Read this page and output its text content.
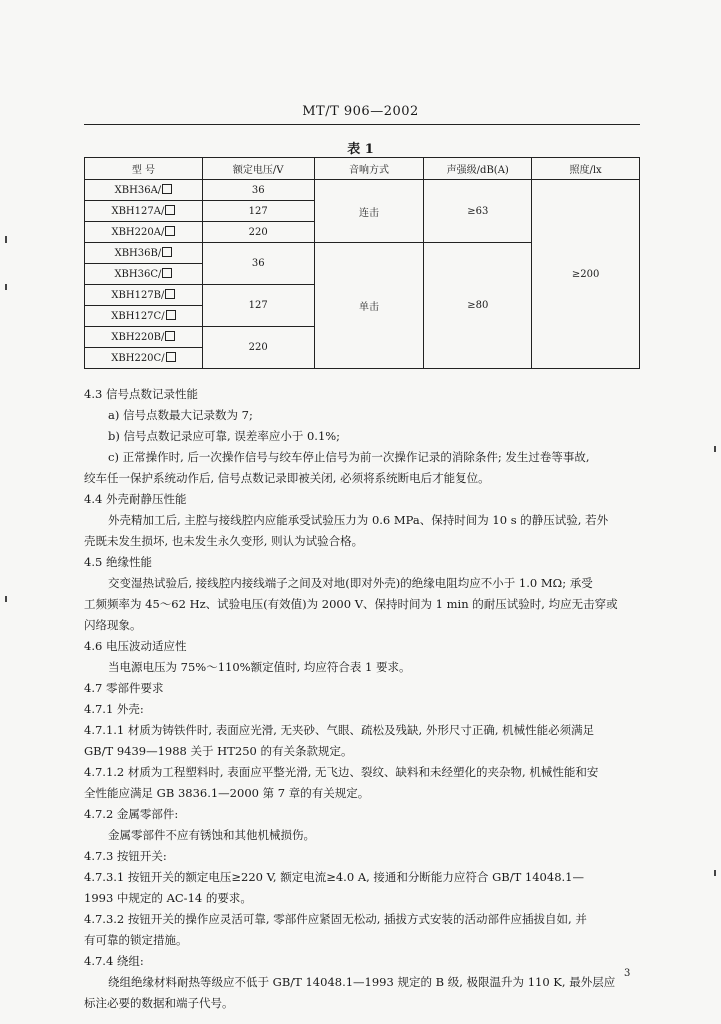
MT/T 906—2002
表 1
型 号	额定电压/V	音响方式	声强级/dB(A)	照度/lx
XBH36A/	36	连击	≥63	≥200
XBH127A/	127			
XBH220A/	220			
XBH36B/	36	单击	≥80	
XBH36C/				
XBH127B/	127			
XBH127C/				
XBH220B/	220			
XBH220C/				
4.3 信号点数记录性能
a) 信号点数最大记录数为 7;
b) 信号点数记录应可靠, 误差率应小于 0.1%;
c) 正常操作时, 后一次操作信号与绞车停止信号为前一次操作记录的消除条件; 发生过卷等事故,
绞车任一保护系统动作后, 信号点数记录即被关闭, 必须将系统断电后才能复位。
4.4 外壳耐静压性能
外壳精加工后, 主腔与接线腔内应能承受试验压力为 0.6 MPa、保持时间为 10 s 的静压试验, 若外
壳既未发生损坏, 也未发生永久变形, 则认为试验合格。
4.5 绝缘性能
交变湿热试验后, 接线腔内接线端子之间及对地(即对外壳)的绝缘电阻均应不小于 1.0 MΩ; 承受
工频频率为 45～62 Hz、试验电压(有效值)为 2000 V、保持时间为 1 min 的耐压试验时, 均应无击穿或
闪络现象。
4.6 电压波动适应性
当电源电压为 75%～110%额定值时, 均应符合表 1 要求。
4.7 零部件要求
4.7.1 外壳:
4.7.1.1 材质为铸铁件时, 表面应光滑, 无夹砂、气眼、疏松及残缺, 外形尺寸正确, 机械性能必须满足
GB/T 9439—1988 关于 HT250 的有关条款规定。
4.7.1.2 材质为工程塑料时, 表面应平整光滑, 无飞边、裂纹、缺料和未经塑化的夹杂物, 机械性能和安
全性能应满足 GB 3836.1—2000 第 7 章的有关规定。
4.7.2 金属零部件:
金属零部件不应有锈蚀和其他机械损伤。
4.7.3 按钮开关:
4.7.3.1 按钮开关的额定电压≥220 V, 额定电流≥4.0 A, 接通和分断能力应符合 GB/T 14048.1—
1993 中规定的 AC-14 的要求。
4.7.3.2 按钮开关的操作应灵活可靠, 零部件应紧固无松动, 插拔方式安装的活动部件应插拔自如, 并
有可靠的锁定措施。
4.7.4 绕组:
绕组绝缘材料耐热等级应不低于 GB/T 14048.1—1993 规定的 B 级, 极限温升为 110 K, 最外层应
标注必要的数据和端子代号。
3
